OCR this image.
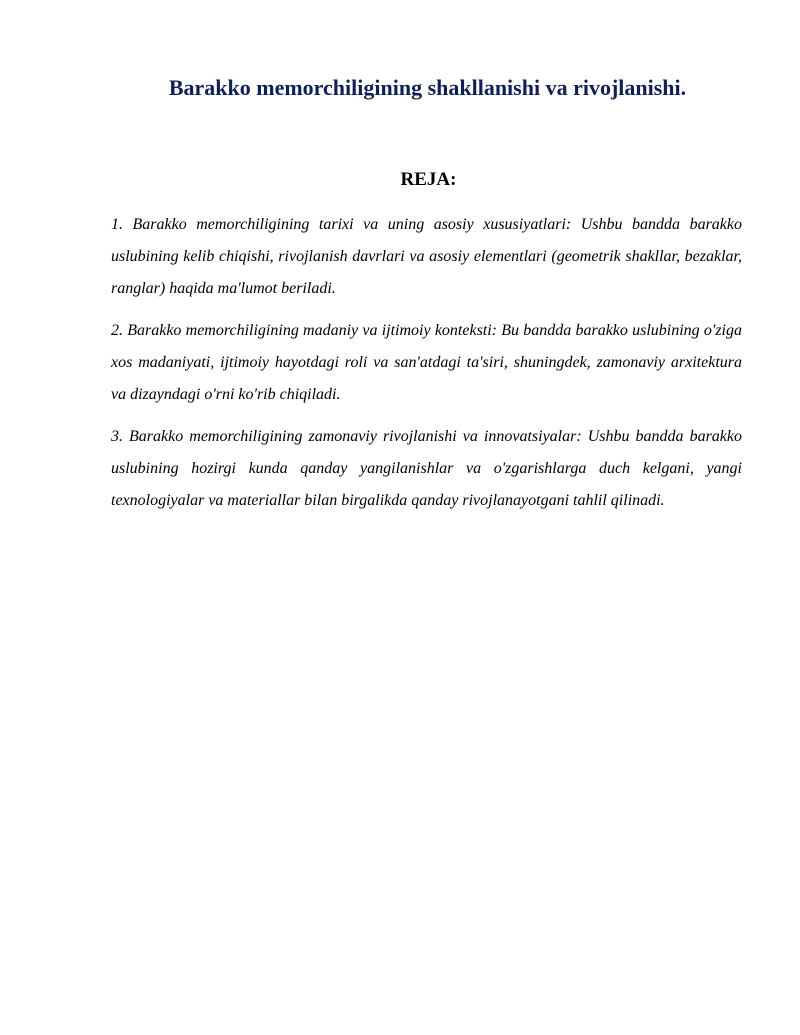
Barakko memorchiligining shakllanishi va rivojlanishi.
REJA:
1. Barakko memorchiligining tarixi va uning asosiy xususiyatlari: Ushbu bandda barakko uslubining kelib chiqishi, rivojlanish davrlari va asosiy elementlari (geometrik shakllar, bezaklar, ranglar) haqida ma'lumot beriladi.
2. Barakko memorchiligining madaniy va ijtimoiy konteksti: Bu bandda barakko uslubining o'ziga xos madaniyati, ijtimoiy hayotdagi roli va san'atdagi ta'siri, shuningdek, zamonaviy arxitektura va dizayndagi o'rni ko'rib chiqiladi.
3. Barakko memorchiligining zamonaviy rivojlanishi va innovatsiyalar: Ushbu bandda barakko uslubining hozirgi kunda qanday yangilanishlar va o'zgarishlarga duch kelgani, yangi texnologiyalar va materiallar bilan birgalikda qanday rivojlanayotgani tahlil qilinadi.
